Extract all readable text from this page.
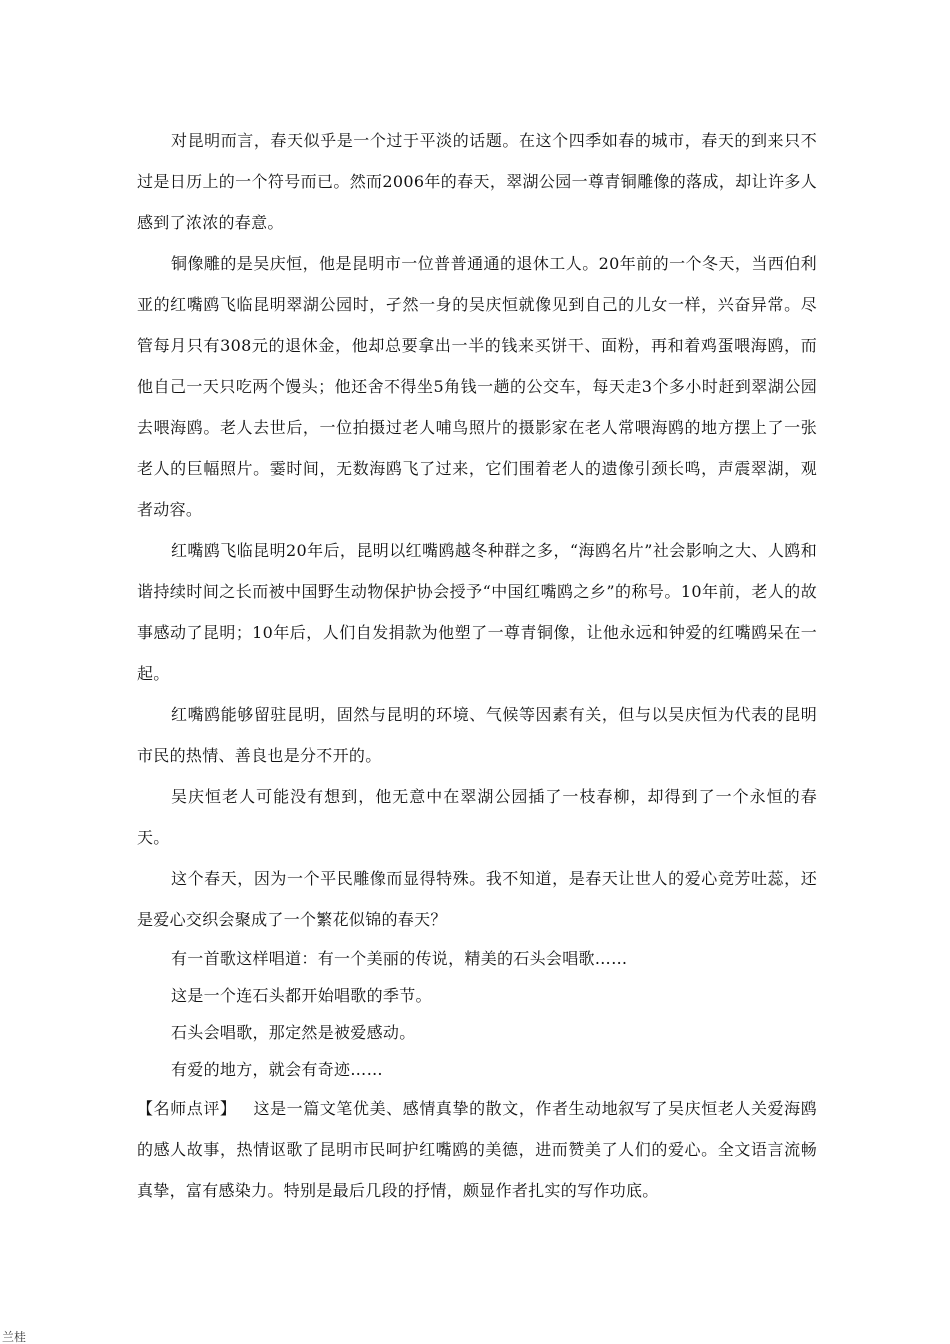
对昆明而言，春天似乎是一个过于平淡的话题。在这个四季如春的城市，春天的到来只不过是日历上的一个符号而已。然而2006年的春天，翠湖公园一尊青铜雕像的落成，却让许多人感到了浓浓的春意。

铜像雕的是吴庆恒，他是昆明市一位普普通通的退休工人。20年前的一个冬天，当西伯利亚的红嘴鸥飞临昆明翠湖公园时，孑然一身的吴庆恒就像见到自己的儿女一样，兴奋异常。尽管每月只有308元的退休金，他却总要拿出一半的钱来买饼干、面粉，再和着鸡蛋喂海鸥，而他自己一天只吃两个馒头；他还舍不得坐5角钱一趟的公交车，每天走3个多小时赶到翠湖公园去喂海鸥。老人去世后，一位拍摄过老人哺鸟照片的摄影家在老人常喂海鸥的地方摆上了一张老人的巨幅照片。霎时间，无数海鸥飞了过来，它们围着老人的遗像引颈长鸣，声震翠湖，观者动容。

红嘴鸥飞临昆明20年后，昆明以红嘴鸥越冬种群之多，“海鸥名片”社会影响之大、人鸥和谐持续时间之长而被中国野生动物保护协会授予“中国红嘴鸥之乡”的称号。10年前，老人的故事感动了昆明；10年后，人们自发捐款为他塑了一尊青铜像，让他永远和钟爱的红嘴鸥呆在一起。

红嘴鸥能够留驻昆明，固然与昆明的环境、气候等因素有关，但与以吴庆恒为代表的昆明市民的热情、善良也是分不开的。

吴庆恒老人可能没有想到，他无意中在翠湖公园插了一枝春柳，却得到了一个永恒的春天。

这个春天，因为一个平民雕像而显得特殊。我不知道，是春天让世人的爱心竞芳吐蕊，还是爱心交织会聚成了一个繁花似锦的春天？

有一首歌这样唱道：有一个美丽的传说，精美的石头会唱歌……

这是一个连石头都开始唱歌的季节。

石头会唱歌，那定然是被爱感动。

有爱的地方，就会有奇迹……

【名师点评】 这是一篇文笔优美、感情真挚的散文，作者生动地叙写了吴庆恒老人关爱海鸥的感人故事，热情讴歌了昆明市民呵护红嘴鸥的美德，进而赞美了人们的爱心。全文语言流畅真挚，富有感染力。特别是最后几段的抒情，颇显作者扎实的写作功底。

兰桂
